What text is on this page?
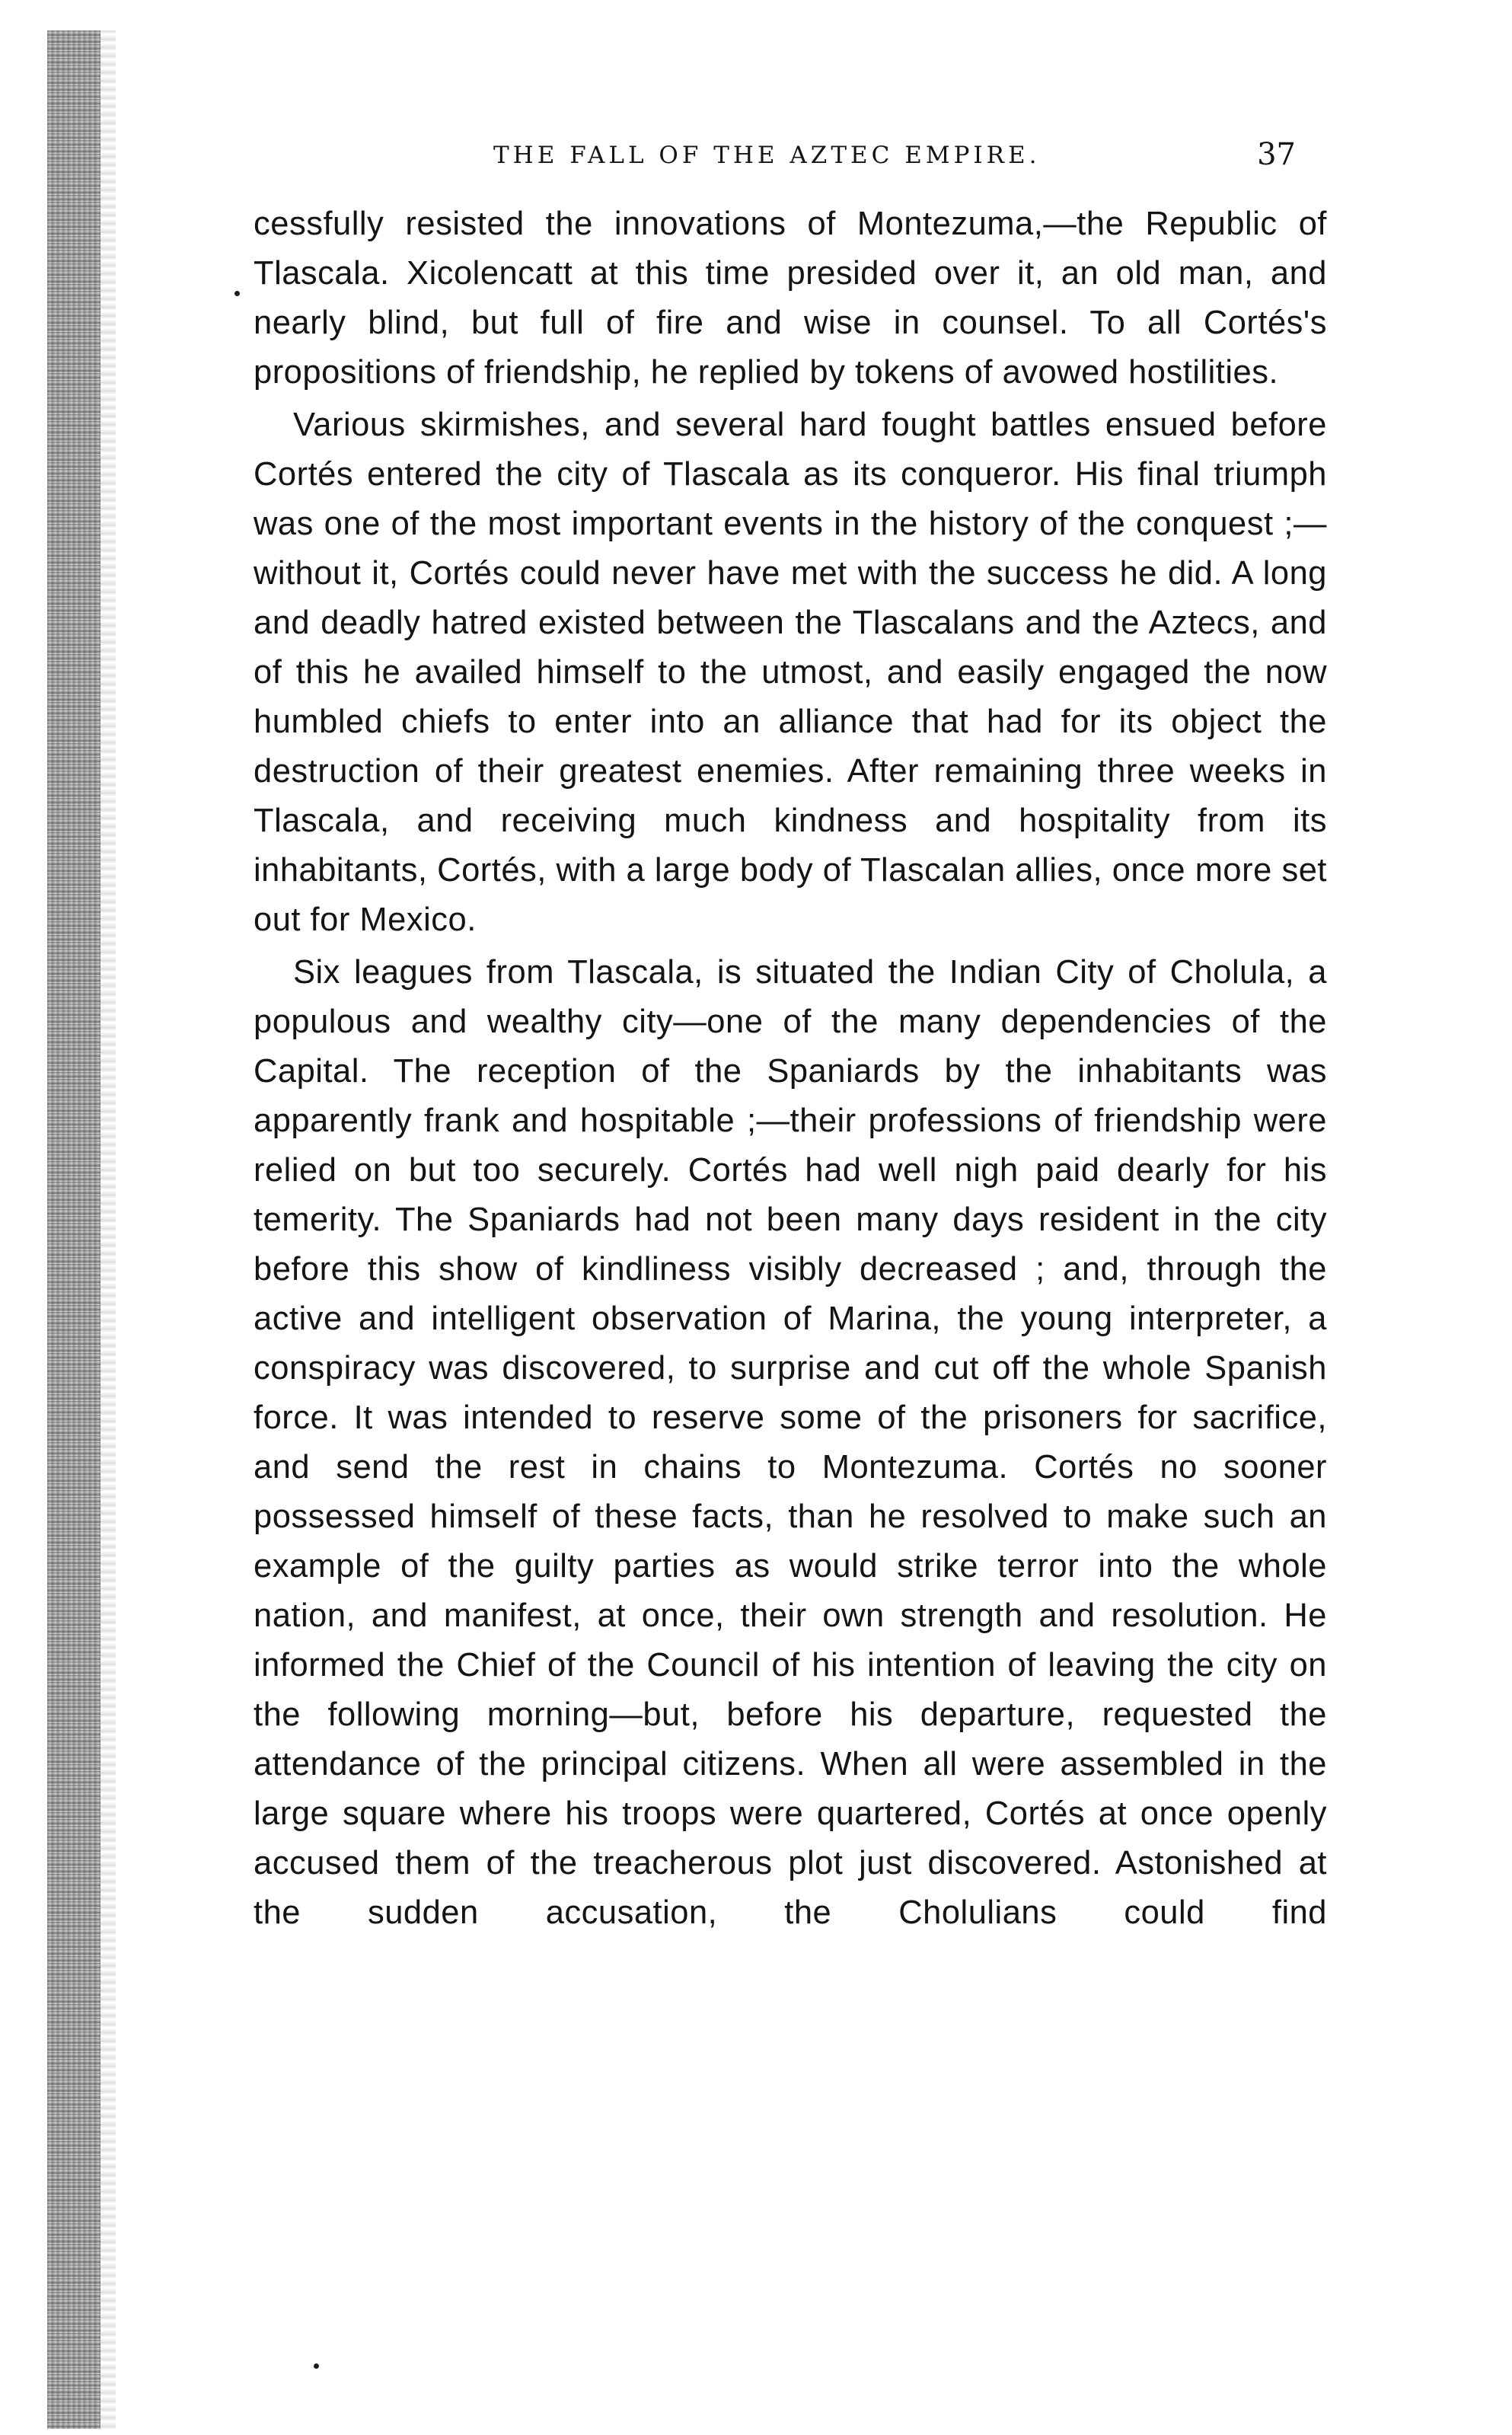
THE FALL OF THE AZTEC EMPIRE.	37

cessfully resisted the innovations of Montezuma,—the Republic of Tlascala. Xicolencatt at this time presided over it, an old man, and nearly blind, but full of fire and wise in counsel. To all Cortés's propositions of friendship, he replied by tokens of avowed hostilities.

Various skirmishes, and several hard fought battles ensued before Cortés entered the city of Tlascala as its conqueror. His final triumph was one of the most important events in the history of the conquest ;—without it, Cortés could never have met with the success he did. A long and deadly hatred existed between the Tlascalans and the Aztecs, and of this he availed himself to the utmost, and easily engaged the now humbled chiefs to enter into an alliance that had for its object the destruction of their greatest enemies. After remaining three weeks in Tlascala, and receiving much kindness and hospitality from its inhabitants, Cortés, with a large body of Tlascalan allies, once more set out for Mexico.

Six leagues from Tlascala, is situated the Indian City of Cholula, a populous and wealthy city—one of the many dependencies of the Capital. The reception of the Spaniards by the inhabitants was apparently frank and hospitable ;—their professions of friendship were relied on but too securely. Cortés had well nigh paid dearly for his temerity. The Spaniards had not been many days resident in the city before this show of kindliness visibly decreased ; and, through the active and intelligent observation of Marina, the young interpreter, a conspiracy was discovered, to surprise and cut off the whole Spanish force. It was intended to reserve some of the prisoners for sacrifice, and send the rest in chains to Montezuma. Cortés no sooner possessed himself of these facts, than he resolved to make such an example of the guilty parties as would strike terror into the whole nation, and manifest, at once, their own strength and resolution. He informed the Chief of the Council of his intention of leaving the city on the following morning—but, before his departure, requested the attendance of the principal citizens. When all were assembled in the large square where his troops were quartered, Cortés at once openly accused them of the treacherous plot just discovered. Astonished at the sudden accusation, the Cholulians could find
